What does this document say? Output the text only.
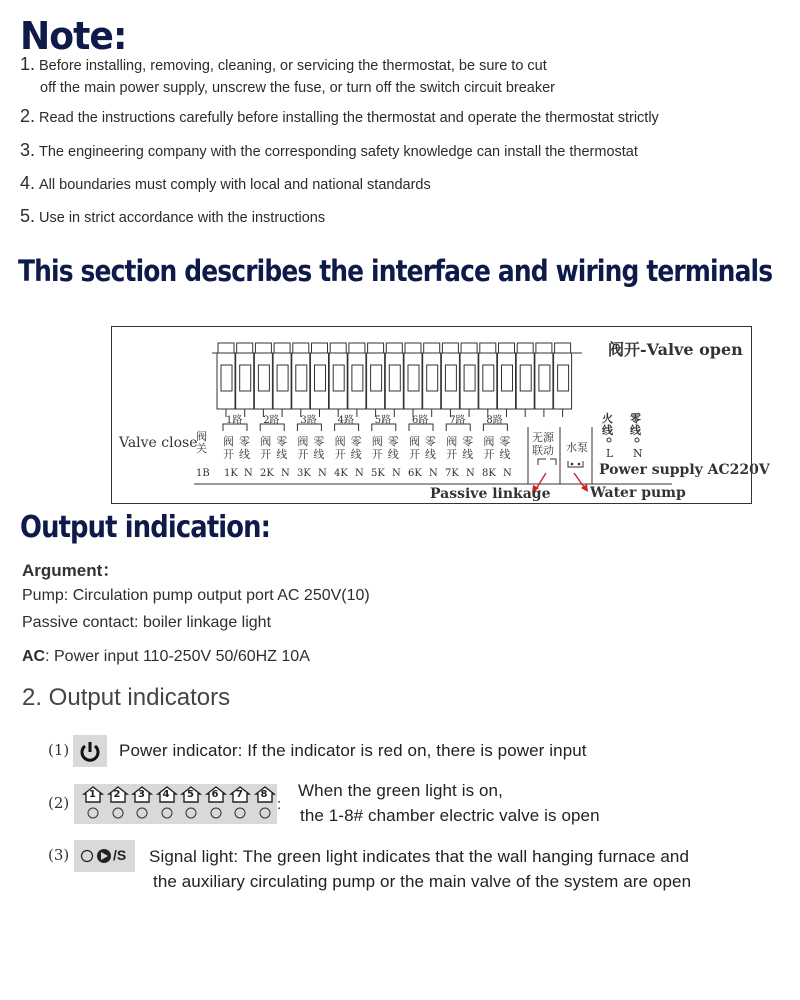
Note:
1. Before installing, removing, cleaning, or servicing the thermostat, be sure to cut
off the main power supply, unscrew the fuse, or turn off the switch circuit breaker
2. Read the instructions carefully before installing the thermostat and operate the thermostat strictly
3. The engineering company with the corresponding safety knowledge can install the thermostat
4. All boundaries must comply with local and national standards
5. Use in strict accordance with the instructions
This section describes the interface and wiring terminals
阀开-Valve open
Valve close
阀
关
1路 2路 3路 4路 5路 6路 7路 8路
阀
开
零
线
阀
开
零
线
阀
开
零
线
阀
开
零
线
阀
开
零
线
阀
开
零
线
阀
开
零
线
阀
开
零
线
1B 1K N 2K N 3K N 4K N 5K N 6K N 7K N 8K N
无源
联动 水泵
火
线
零
线
L N
Power supply AC220V
Passive linkage	Water pump
Output indication:
Argument：
Pump: Circulation pump output port AC 250V(10)
Passive contact: boiler linkage light
AC: Power input 110-250V 50/60HZ 10A
2. Output indicators
(1)	Power indicator: If the indicator is red on, there is power input
(2) 1 2 3 4 5 6 7 8
:
When the green light is on,
the 1-8# chamber electric valve is open
(3)	/S Signal light: The green light indicates that the wall hanging furnace and
the auxiliary circulating pump or the main valve of the system are open
